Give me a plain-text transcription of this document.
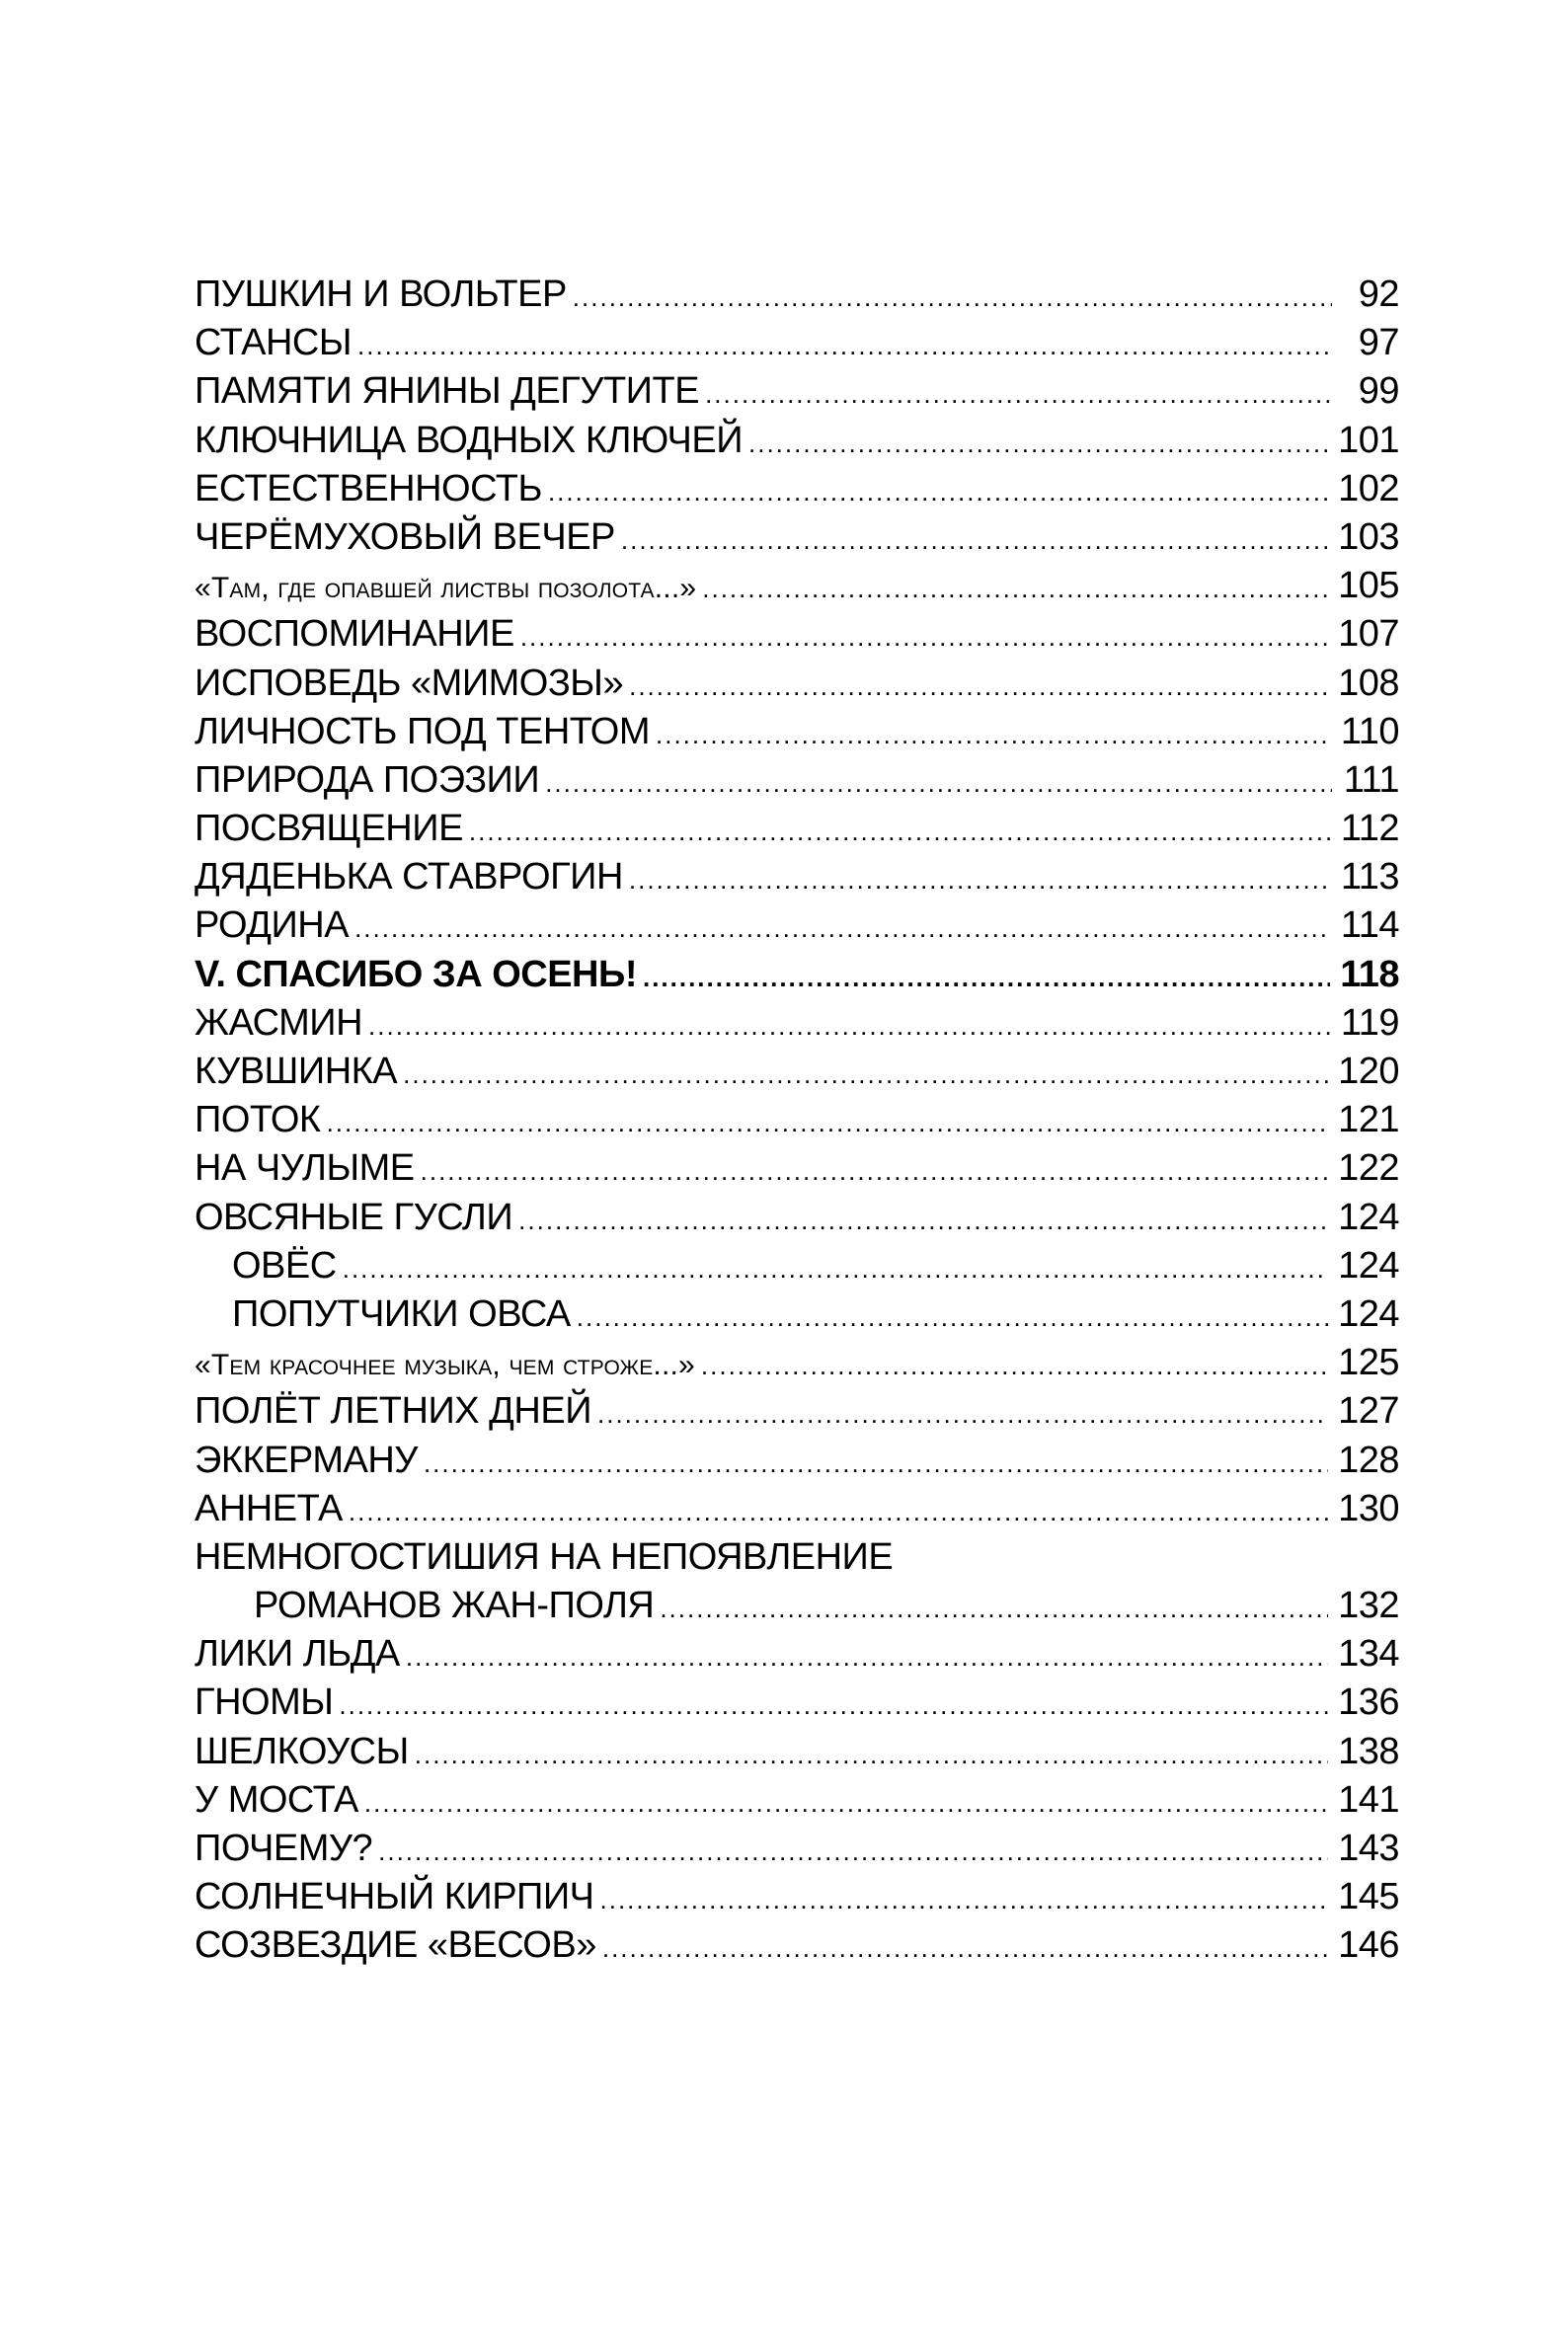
ПУШКИН И ВОЛЬТЕР .....	92
СТАНСЫ .....	97
ПАМЯТИ ЯНИНЫ ДЕГУТИТЕ .....	99
КЛЮЧНИЦА ВОДНЫХ КЛЮЧЕЙ .....	101
ЕСТЕСТВЕННОСТЬ .....	102
ЧЕРЁМУХОВЫЙ ВЕЧЕР .....	103
«Там, где опавшей листвы позолота...» .....	105
ВОСПОМИНАНИЕ .....	107
ИСПОВЕДЬ «МИМОЗЫ» .....	108
ЛИЧНОСТЬ ПОД ТЕНТОМ .....	110
ПРИРОДА ПОЭЗИИ .....	111
ПОСВЯЩЕНИЕ .....	112
ДЯДЕНЬКА СТАВРОГИН .....	113
РОДИНА .....	114
V. СПАСИБО ЗА ОСЕНЬ! .....	118
ЖАСМИН .....	119
КУВШИНКА .....	120
ПОТОК .....	121
НА ЧУЛЫМЕ .....	122
ОВСЯНЫЕ ГУСЛИ .....	124
ОВЁС .....	124
ПОПУТЧИКИ ОВСА .....	124
«Тем красочнее музыка, чем строже...» .....	125
ПОЛЁТ ЛЕТНИХ ДНЕЙ .....	127
ЭККЕРМАНУ .....	128
АННЕТА .....	130
НЕМНОГОСТИШИЯ НА НЕПОЯВЛЕНИЕ
РОМАНОВ ЖАН-ПОЛЯ .....	132
ЛИКИ ЛЬДА .....	134
ГНОМЫ .....	136
ШЕЛКОУСЫ .....	138
У МОСТА .....	141
ПОЧЕМУ? .....	143
СОЛНЕЧНЫЙ КИРПИЧ .....	145
СОЗВЕЗДИЕ «ВЕСОВ» .....	146
